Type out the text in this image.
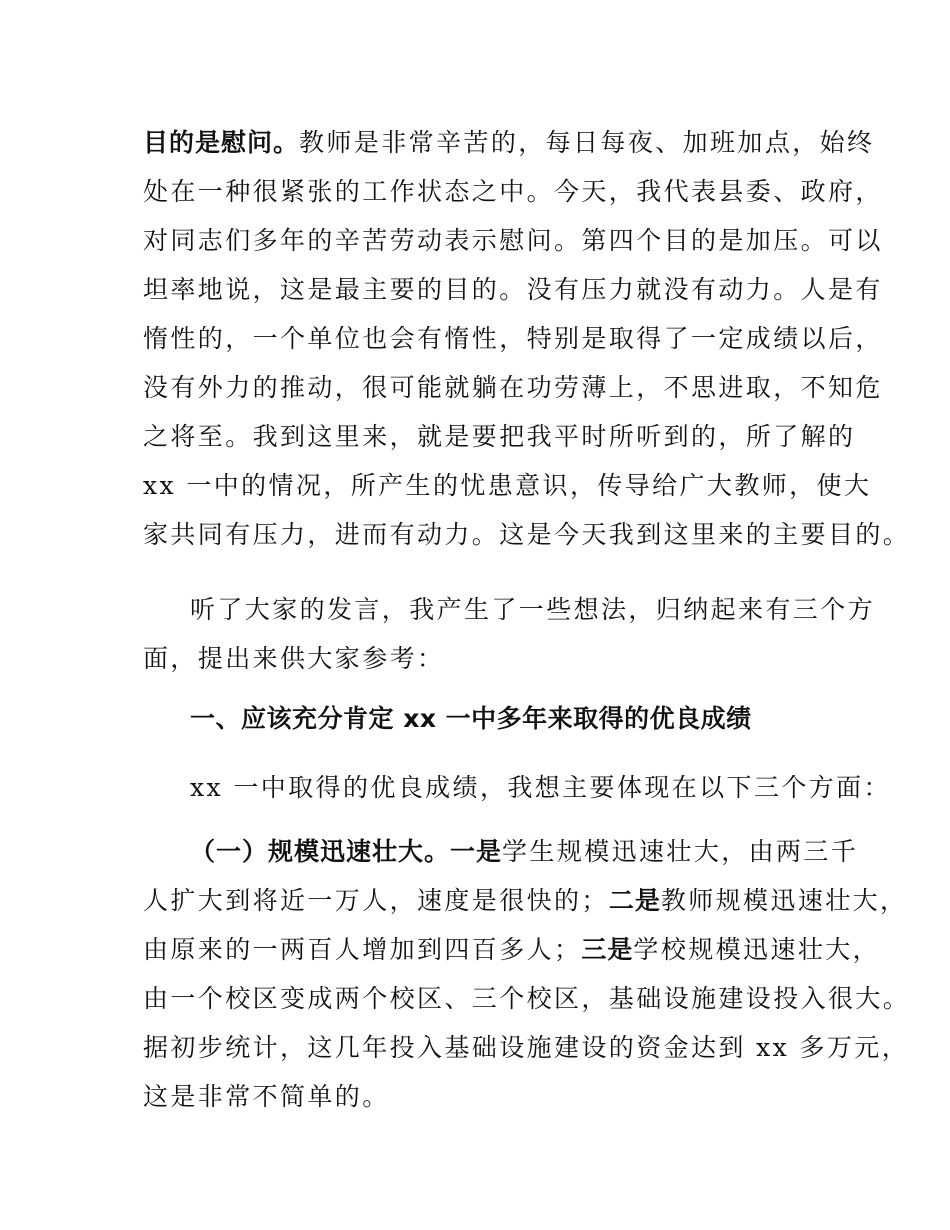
目的是慰问。教师是非常辛苦的，每日每夜、加班加点，始终
处在一种很紧张的工作状态之中。今天，我代表县委、政府，
对同志们多年的辛苦劳动表示慰问。第四个目的是加压。可以
坦率地说，这是最主要的目的。没有压力就没有动力。人是有
惰性的，一个单位也会有惰性，特别是取得了一定成绩以后，
没有外力的推动，很可能就躺在功劳薄上，不思进取，不知危
之将至。我到这里来，就是要把我平时所听到的，所了解的
xx 一中的情况，所产生的忧患意识，传导给广大教师，使大
家共同有压力，进而有动力。这是今天我到这里来的主要目的。
听了大家的发言，我产生了一些想法，归纳起来有三个方
面，提出来供大家参考：
一、应该充分肯定 xx 一中多年来取得的优良成绩
xx 一中取得的优良成绩，我想主要体现在以下三个方面：
（一）规模迅速壮大。一是学生规模迅速壮大，由两三千
人扩大到将近一万人，速度是很快的；二是教师规模迅速壮大，
由原来的一两百人增加到四百多人；三是学校规模迅速壮大，
由一个校区变成两个校区、三个校区，基础设施建设投入很大。
据初步统计，这几年投入基础设施建设的资金达到 xx 多万元，
这是非常不简单的。
